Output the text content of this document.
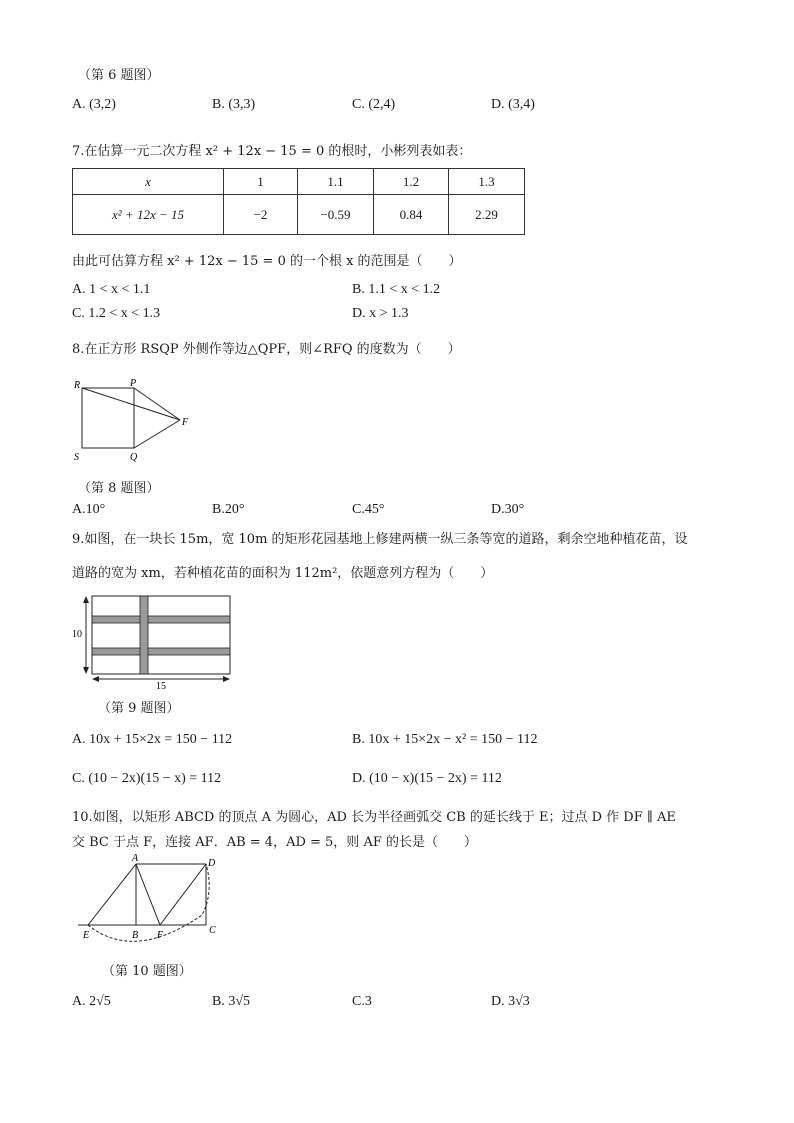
（第 6 题图）
A. (3,2)	B. (3,3)	C. (2,4)	D. (3,4)
7.在估算一元二次方程 x² + 12x − 15 = 0 的根时，小彬列表如表：
x	1	1.1	1.2	1.3
x² + 12x − 15	−2	−0.59	0.84	2.29
由此可估算方程 x² + 12x − 15 = 0 的一个根 x 的范围是（　　）
A. 1 < x < 1.1	B. 1.1 < x < 1.2
C. 1.2 < x < 1.3	D. x > 1.3
8.在正方形 RSQP 外侧作等边△QPF，则∠RFQ 的度数为（　　）
R	P
F
S	Q
（第 8 题图）
A.10°	B.20°	C.45°	D.30°
9.如图，在一块长 15m，宽 10m 的矩形花园基地上修建两横一纵三条等宽的道路，剩余空地种植花苗，设
道路的宽为 xm，若种植花苗的面积为 112m²，依题意列方程为（　　）
10
15
（第 9 题图）
A. 10x + 15×2x = 150 − 112	B. 10x + 15×2x − x² = 150 − 112
C. (10 − 2x)(15 − x) = 112	D. (10 − x)(15 − 2x) = 112
10.如图，以矩形 ABCD 的顶点 A 为圆心，AD 长为半径画弧交 CB 的延长线于 E；过点 D 作 DF ∥ AE
交 BC 于点 F，连接 AF．AB = 4，AD = 5，则 AF 的长是（　　）
A	D
E	B F	C
（第 10 题图）
A. 2√5	B. 3√5	C.3	D. 3√3
